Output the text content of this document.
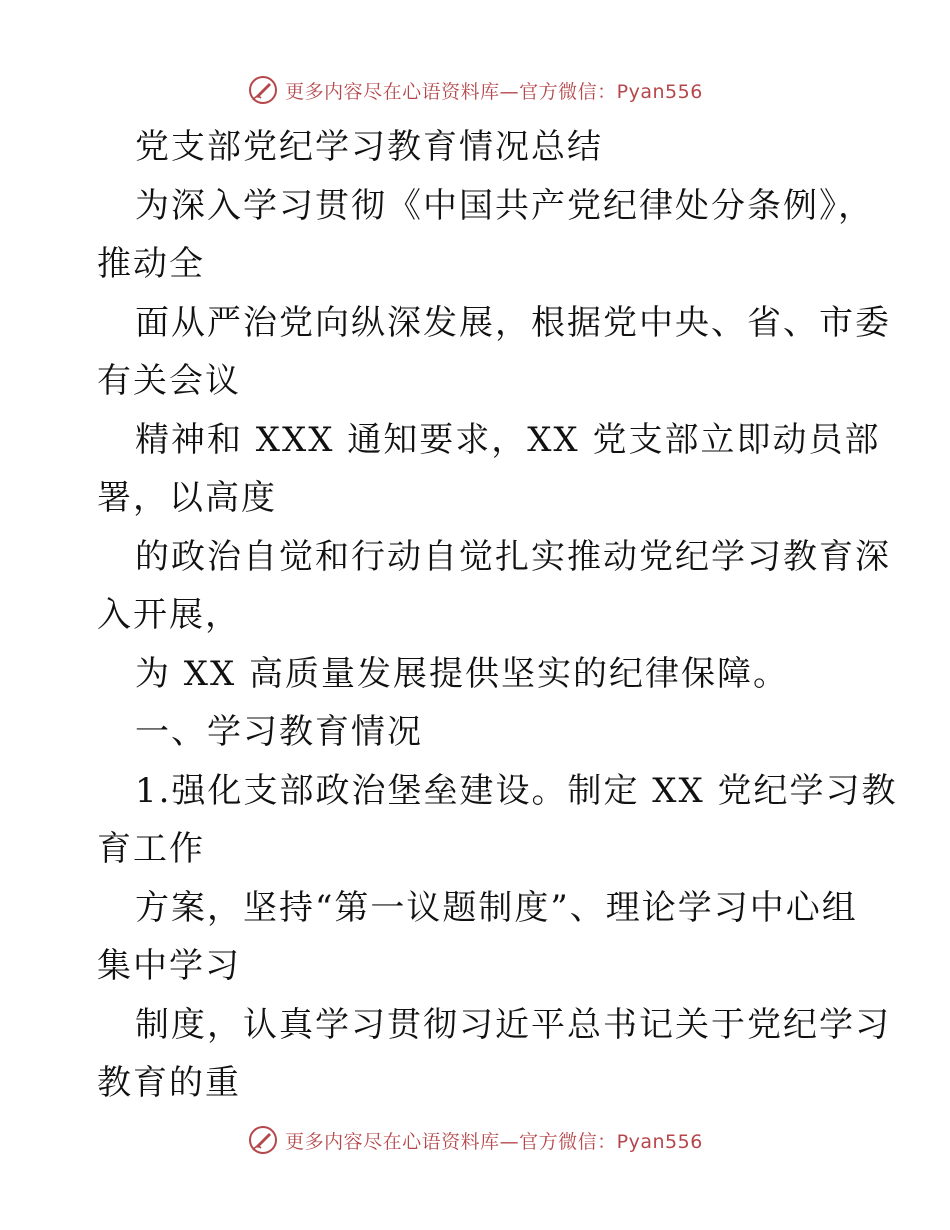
更多内容尽在心语资料库—官方微信：Pyan556
党支部党纪学习教育情况总结
为深入学习贯彻《中国共产党纪律处分条例》，
推动全
面从严治党向纵深发展，根据党中央、省、市委
有关会议
精神和 XXX 通知要求，XX 党支部立即动员部
署，以高度
的政治自觉和行动自觉扎实推动党纪学习教育深
入开展，
为 XX 高质量发展提供坚实的纪律保障。
一、学习教育情况
1.强化支部政治堡垒建设。制定 XX 党纪学习教
育工作
方案，坚持“第一议题制度”、理论学习中心组
集中学习
制度，认真学习贯彻习近平总书记关于党纪学习
教育的重
更多内容尽在心语资料库—官方微信：Pyan556
